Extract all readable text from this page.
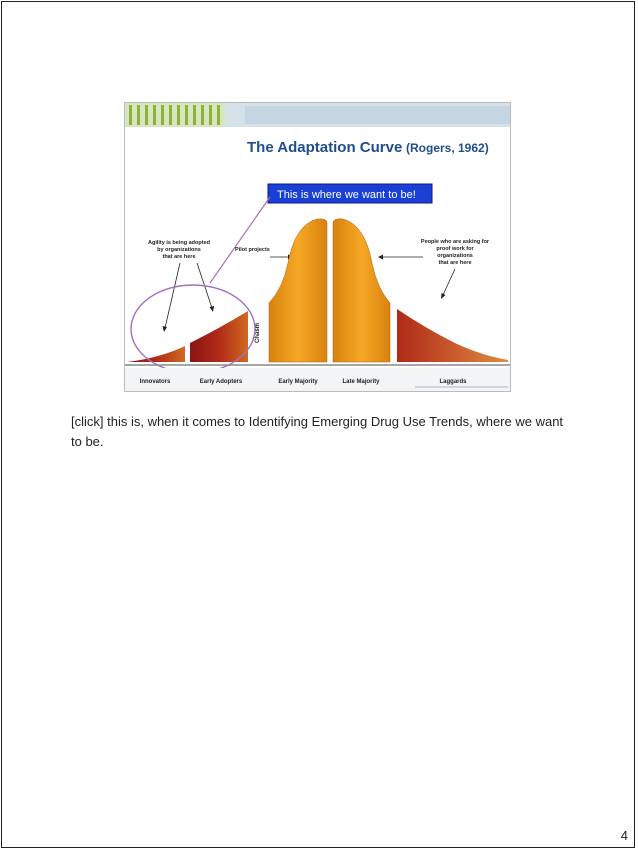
The Adaptation Curve (Rogers, 1962)
This is where we want to be!
Agility is being adopted
by organizations
that are here
Pilot projects
People who are asking for
proof work for
organizations
that are here
Chasm
Innovators	Early Adopters	Early Majority	Late Majority	Laggards
[click] this is, when it comes to Identifying Emerging Drug Use Trends, where we want
to be.
4
